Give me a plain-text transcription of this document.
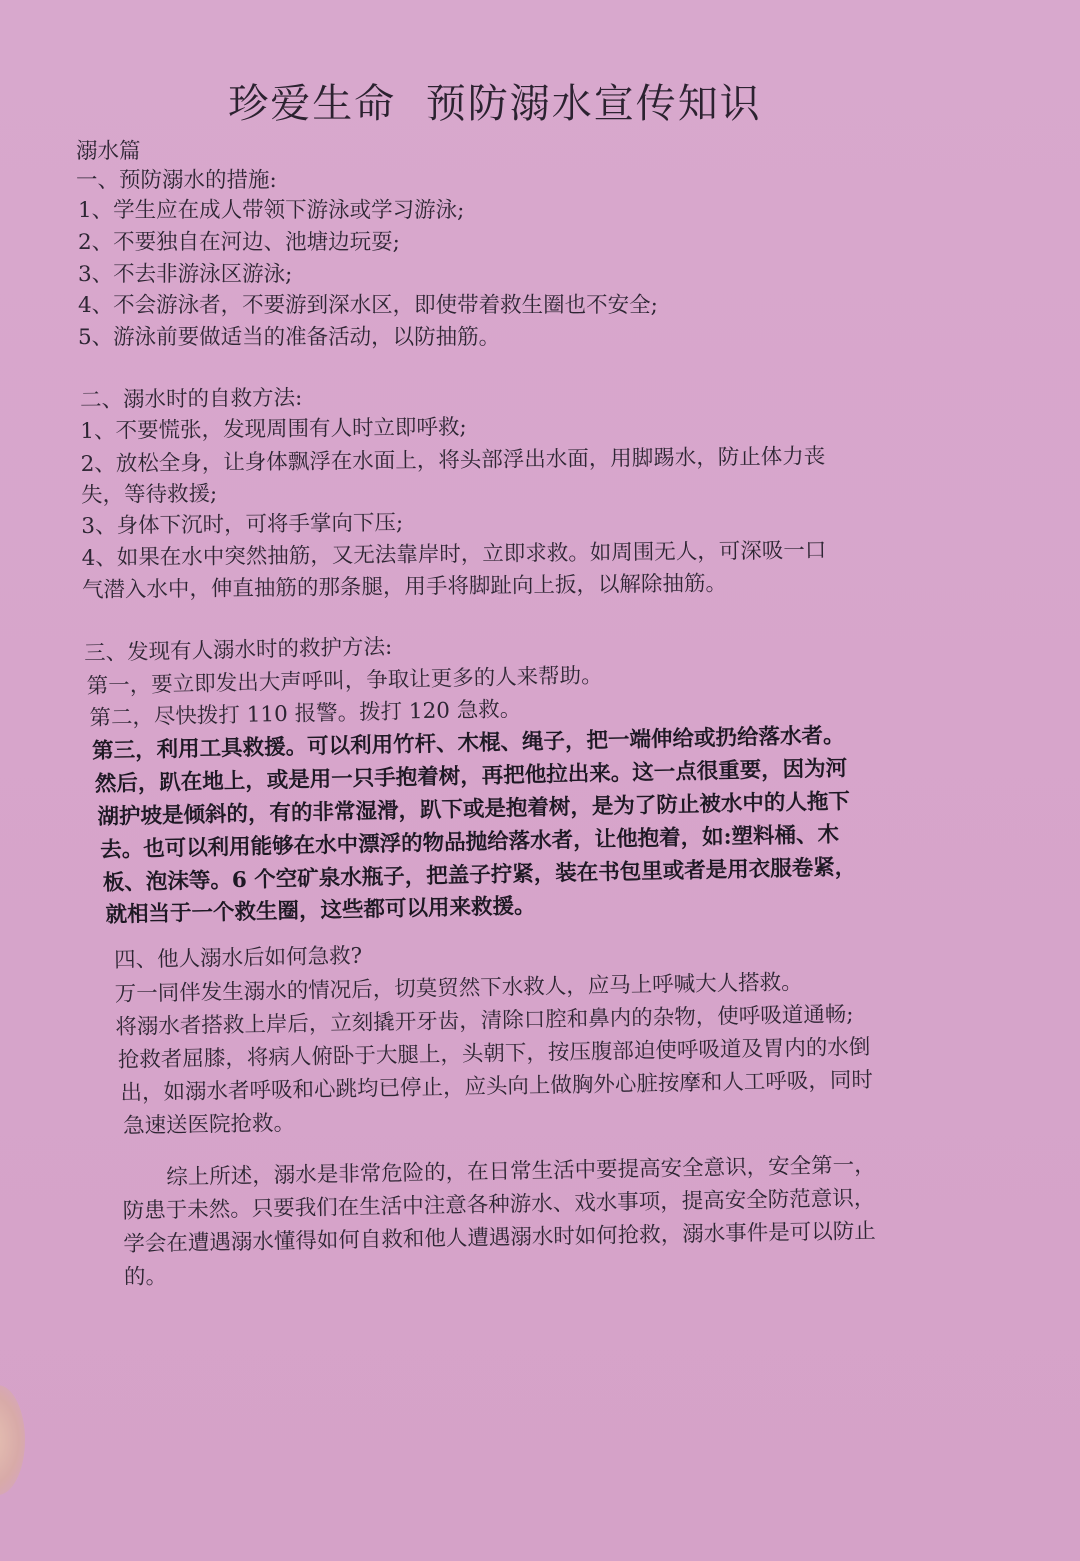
珍爱生命  预防溺水宣传知识
溺水篇
一、预防溺水的措施:
1、学生应在成人带领下游泳或学习游泳;
2、不要独自在河边、池塘边玩耍;
3、不去非游泳区游泳;
4、不会游泳者，不要游到深水区，即使带着救生圈也不安全;
5、游泳前要做适当的准备活动，以防抽筋。
二、溺水时的自救方法:
1、不要慌张，发现周围有人时立即呼救;
2、放松全身，让身体飘浮在水面上，将头部浮出水面，用脚踢水，防止体力丧
失，等待救援;
3、身体下沉时，可将手掌向下压;
4、如果在水中突然抽筋，又无法靠岸时，立即求救。如周围无人，可深吸一口
气潜入水中，伸直抽筋的那条腿，用手将脚趾向上扳，以解除抽筋。
三、发现有人溺水时的救护方法:
第一，要立即发出大声呼叫，争取让更多的人来帮助。
第二，尽快拨打 110 报警。拨打 120 急救。
第三，利用工具救援。可以利用竹杆、木棍、绳子，把一端伸给或扔给落水者。
然后，趴在地上，或是用一只手抱着树，再把他拉出来。这一点很重要，因为河
湖护坡是倾斜的，有的非常湿滑，趴下或是抱着树，是为了防止被水中的人拖下
去。也可以利用能够在水中漂浮的物品抛给落水者，让他抱着，如:塑料桶、木
板、泡沫等。6 个空矿泉水瓶子，把盖子拧紧，装在书包里或者是用衣服卷紧，
就相当于一个救生圈，这些都可以用来救援。
四、他人溺水后如何急救?
万一同伴发生溺水的情况后，切莫贸然下水救人，应马上呼喊大人搭救。
将溺水者搭救上岸后，立刻撬开牙齿，清除口腔和鼻内的杂物，使呼吸道通畅;
抢救者屈膝，将病人俯卧于大腿上，头朝下，按压腹部迫使呼吸道及胃内的水倒
出，如溺水者呼吸和心跳均已停止，应头向上做胸外心脏按摩和人工呼吸，同时
急速送医院抢救。
综上所述，溺水是非常危险的，在日常生活中要提高安全意识，安全第一，
防患于未然。只要我们在生活中注意各种游水、戏水事项，提高安全防范意识，
学会在遭遇溺水懂得如何自救和他人遭遇溺水时如何抢救，溺水事件是可以防止
的。
